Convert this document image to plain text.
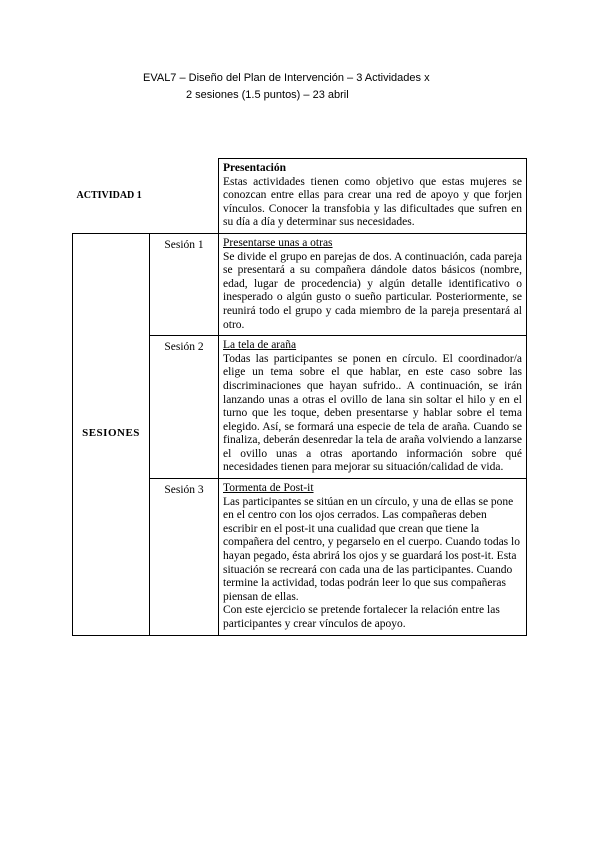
EVAL7 – Diseño del Plan de Intervención – 3 Actividades x
2 sesiones (1.5 puntos) – 23 abril
ACTIVIDAD 1		Presentación

Estas actividades tienen como objetivo que estas mujeres se conozcan entre ellas para crear una red de apoyo y que forjen vínculos. Conocer la transfobia y las dificultades que sufren en su día a día y determinar sus necesidades.

SESIONES	Sesión 1	Presentarse unas a otras

Se divide el grupo en parejas de dos. A continuación, cada pareja se presentará a su compañera dándole datos básicos (nombre, edad, lugar de procedencia) y algún detalle identificativo o inesperado o algún gusto o sueño particular. Posteriormente, se reunirá todo el grupo y cada miembro de la pareja presentará al otro.

	Sesión 2	La tela de araña

Todas las participantes se ponen en círculo. El coordinador/a elige un tema sobre el que hablar, en este caso sobre las discriminaciones que hayan sufrido.. A continuación, se irán lanzando unas a otras el ovillo de lana sin soltar el hilo y en el turno que les toque, deben presentarse y hablar sobre el tema elegido. Así, se formará una especie de tela de araña. Cuando se finaliza, deberán desenredar la tela de araña volviendo a lanzarse el ovillo unas a otras aportando información sobre qué necesidades tienen para mejorar su situación/calidad de vida.

	Sesión 3	Tormenta de Post-it

Las participantes se sitúan en un círculo, y una de ellas se pone en el centro con los ojos cerrados. Las compañeras deben escribir en el post-it una cualidad que crean que tiene la compañera del centro, y pegarselo en el cuerpo. Cuando todas lo hayan pegado, ésta abrirá los ojos y se guardará los post-it. Esta situación se recreará con cada una de las participantes. Cuando termine la actividad, todas podrán leer lo que sus compañeras piensan de ellas.

Con este ejercicio se pretende fortalecer la relación entre las participantes y crear vínculos de apoyo.
